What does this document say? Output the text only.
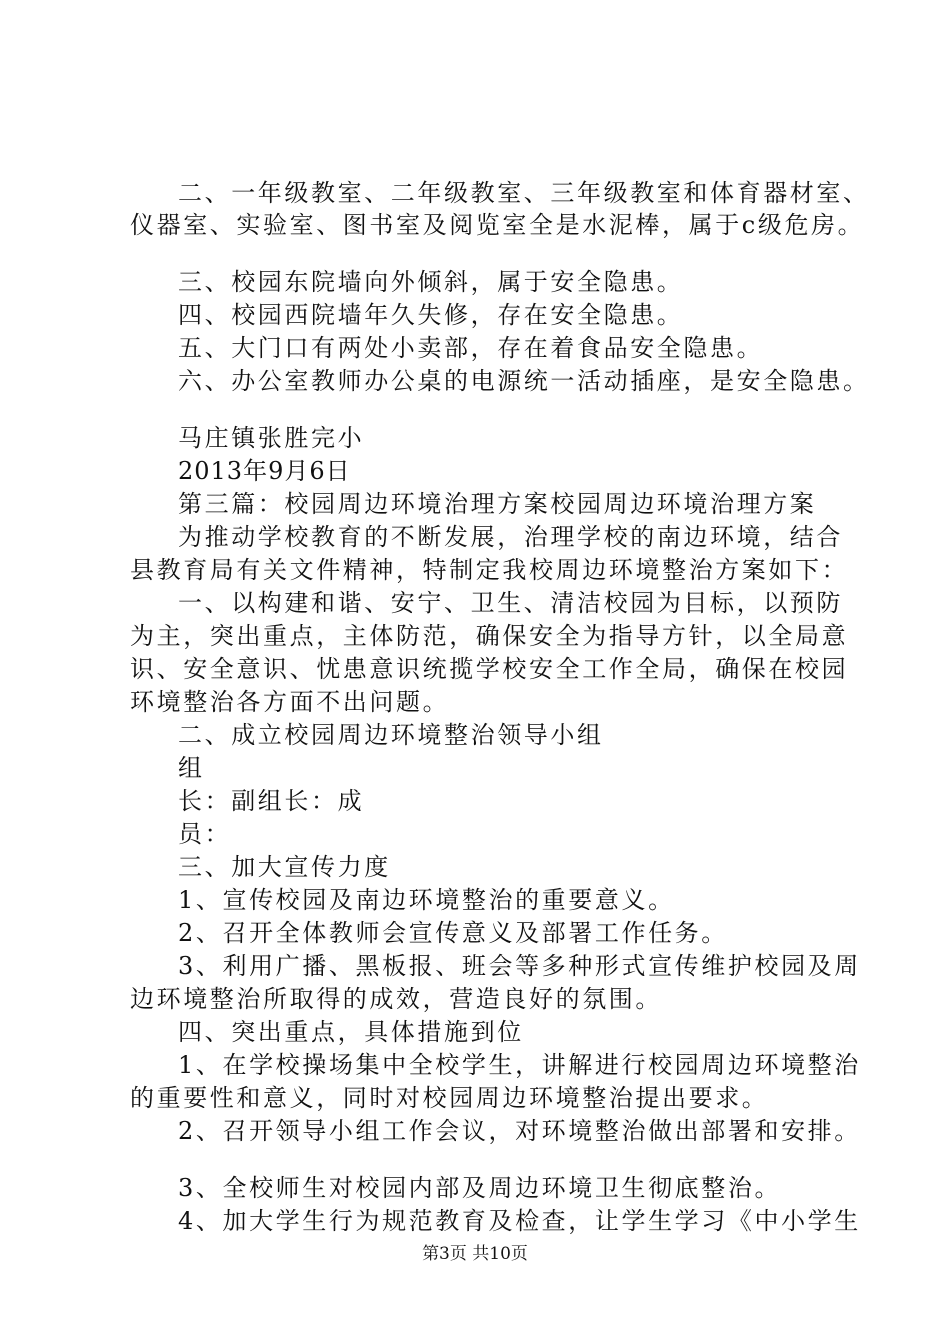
二、一年级教室、二年级教室、三年级教室和体育器材室、
仪器室、实验室、图书室及阅览室全是水泥棒，属于c级危房。
三、校园东院墙向外倾斜，属于安全隐患。
四、校园西院墙年久失修，存在安全隐患。
五、大门口有两处小卖部，存在着食品安全隐患。
六、办公室教师办公桌的电源统一活动插座，是安全隐患。
马庄镇张胜完小
2013年9月6日
第三篇：校园周边环境治理方案校园周边环境治理方案
为推动学校教育的不断发展，治理学校的南边环境，结合
县教育局有关文件精神，特制定我校周边环境整治方案如下：
一、以构建和谐、安宁、卫生、清洁校园为目标，以预防
为主，突出重点，主体防范，确保安全为指导方针，以全局意
识、安全意识、忧患意识统揽学校安全工作全局，确保在校园
环境整治各方面不出问题。
二、成立校园周边环境整治领导小组
组
长：副组长：成
员：
三、加大宣传力度
1、宣传校园及南边环境整治的重要意义。
2、召开全体教师会宣传意义及部署工作任务。
3、利用广播、黑板报、班会等多种形式宣传维护校园及周
边环境整治所取得的成效，营造良好的氛围。
四、突出重点，具体措施到位
1、在学校操场集中全校学生，讲解进行校园周边环境整治
的重要性和意义，同时对校园周边环境整治提出要求。
2、召开领导小组工作会议，对环境整治做出部署和安排。
3、全校师生对校园内部及周边环境卫生彻底整治。
4、加大学生行为规范教育及检查，让学生学习《中小学生
第3页 共10页
